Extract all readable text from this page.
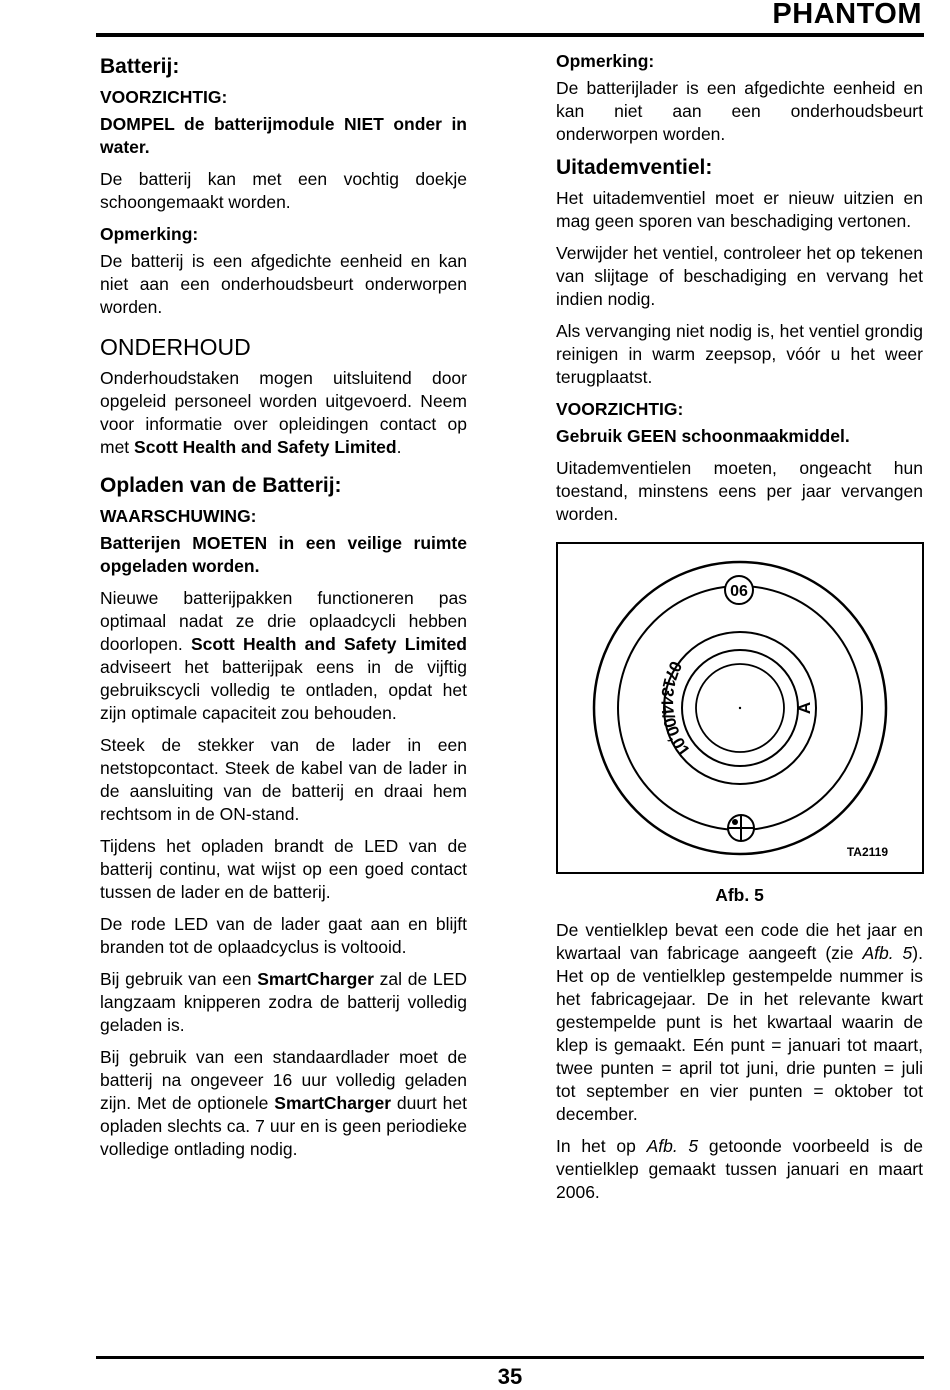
PHANTOM
Batterij:
VOORZICHTIG:

DOMPEL de batterijmodule NIET onder in water.

De batterij kan met een vochtig doekje schoongemaakt worden.

Opmerking:

De batterij is een afgedichte eenheid en kan niet aan een onderhoudsbeurt onderworpen worden.

ONDERHOUD

Onderhoudstaken mogen uitsluitend door opgeleid personeel worden uitgevoerd. Neem voor informatie over opleidingen contact op met Scott Health and Safety Limited.

Opladen van de Batterij:
WAARSCHUWING:

Batterijen MOETEN in een veilige ruimte opgeladen worden.

Nieuwe batterijpakken functioneren pas optimaal nadat ze drie oplaadcycli hebben doorlopen. Scott Health and Safety Limited adviseert het batterijpak eens in de vijftig gebruikscycli volledig te ontladen, opdat het zijn optimale capaciteit zou behouden.

Steek de stekker van de lader in een netstopcontact. Steek de kabel van de lader in de aansluiting van de batterij en draai hem rechtsom in de ON-stand.

Tijdens het opladen brandt de LED van de batterij continu, wat wijst op een goed contact tussen de lader en de batterij.

De rode LED van de lader gaat aan en blijft branden tot de oplaadcyclus is voltooid.

Bij gebruik van een SmartCharger zal de LED langzaam knipperen zodra de batterij volledig geladen is.

Bij gebruik van een standaardlader moet de batterij na ongeveer 16 uur volledig geladen zijn. Met de optionele SmartCharger duurt het opladen slechts ca. 7 uur en is geen periodieke volledige ontlading nodig.

Opmerking:

De batterijlader is een afgedichte eenheid en kan niet aan een onderhoudsbeurt onderworpen worden.

Uitademventiel:

Het uitademventiel moet er nieuw uitzien en mag geen sporen van beschadiging vertonen.

Verwijder het ventiel, controleer het op tekenen van slijtage of beschadiging en vervang het indien nodig.

Als vervanging niet nodig is, het ventiel grondig reinigen in warm zeepsop, vóór u het weer terugplaatst.

VOORZICHTIG:

Gebruik GEEN schoonmaakmiddel.

Uitademventielen moeten, ongeacht hun toestand, minstens eens per jaar vervangen worden.

06
071344/00,01
A
TA2119
Afb. 5

De ventielklep bevat een code die het jaar en kwartaal van fabricage aangeeft (zie Afb. 5). Het op de ventielklep gestempelde nummer is het fabricagejaar. De in het relevante kwart gestempelde punt is het kwartaal waarin de klep is gemaakt. Eén punt = januari tot maart, twee punten = april tot juni, drie punten = juli tot september en vier punten = oktober tot december.

In het op Afb. 5 getoonde voorbeeld is de ventielklep gemaakt tussen januari en maart 2006.

35
